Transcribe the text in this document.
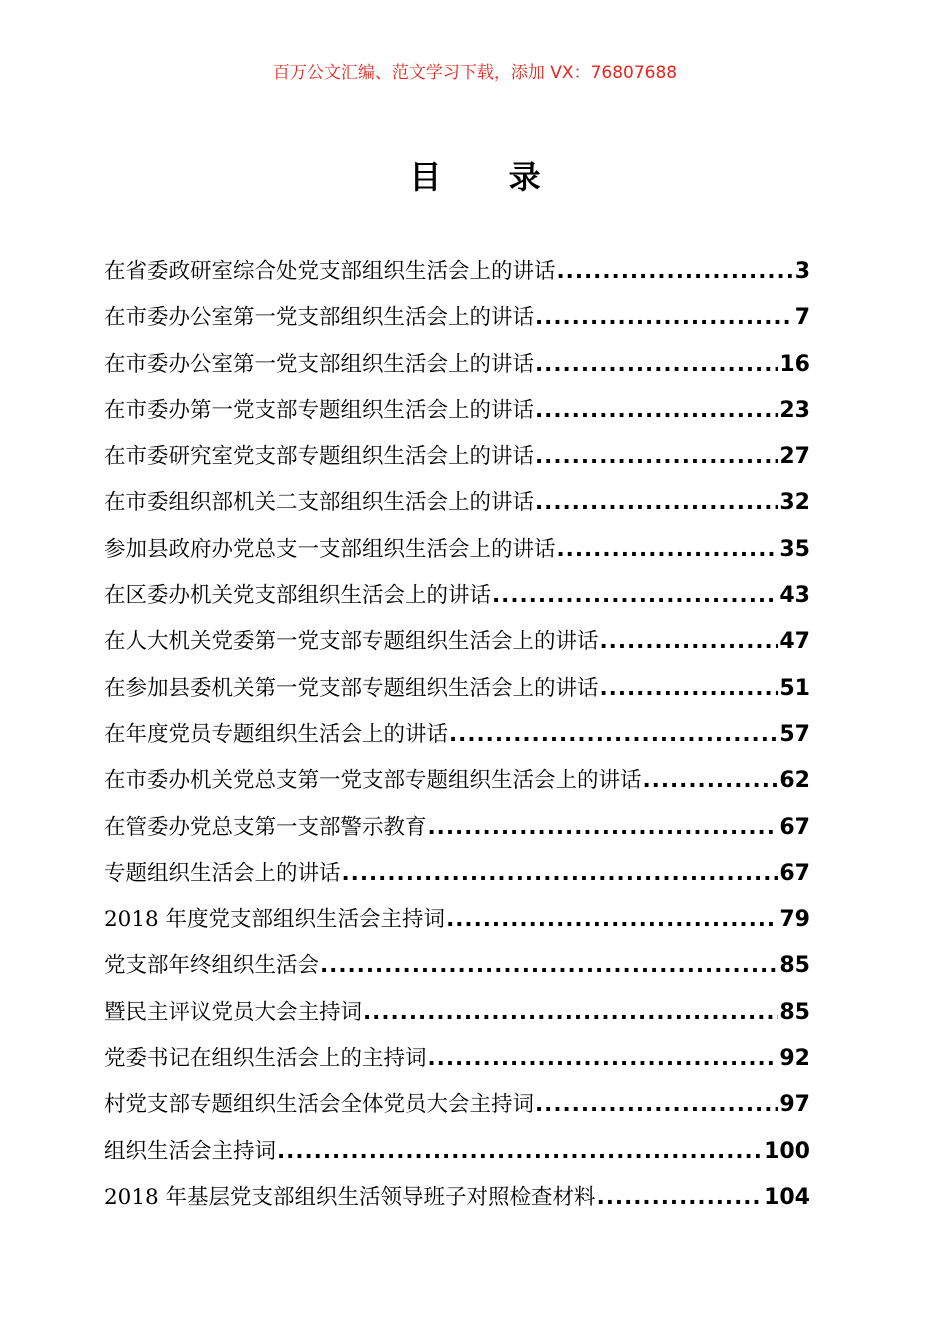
百万公文汇编、范文学习下载，添加 VX：76807688
目 录
在省委政研室综合处党支部组织生活会上的讲话 .....	3
在市委办公室第一党支部组织生活会上的讲话 .....	7
在市委办公室第一党支部组织生活会上的讲话 .....	16
在市委办第一党支部专题组织生活会上的讲话 .....	23
在市委研究室党支部专题组织生活会上的讲话 .....	27
在市委组织部机关二支部组织生活会上的讲话 .....	32
参加县政府办党总支一支部组织生活会上的讲话 .....	35
在区委办机关党支部组织生活会上的讲话 .....	43
在人大机关党委第一党支部专题组织生活会上的讲话 .....	47
在参加县委机关第一党支部专题组织生活会上的讲话 .....	51
在年度党员专题组织生活会上的讲话 .....	57
在市委办机关党总支第一党支部专题组织生活会上的讲话 .....	62
在管委办党总支第一支部警示教育 .....	67
专题组织生活会上的讲话 .....	67
2018 年度党支部组织生活会主持词 .....	79
党支部年终组织生活会 .....	85
暨民主评议党员大会主持词 .....	85
党委书记在组织生活会上的主持词 .....	92
村党支部专题组织生活会全体党员大会主持词 .....	97
组织生活会主持词 .....	100
2018 年基层党支部组织生活领导班子对照检查材料 .....	104
